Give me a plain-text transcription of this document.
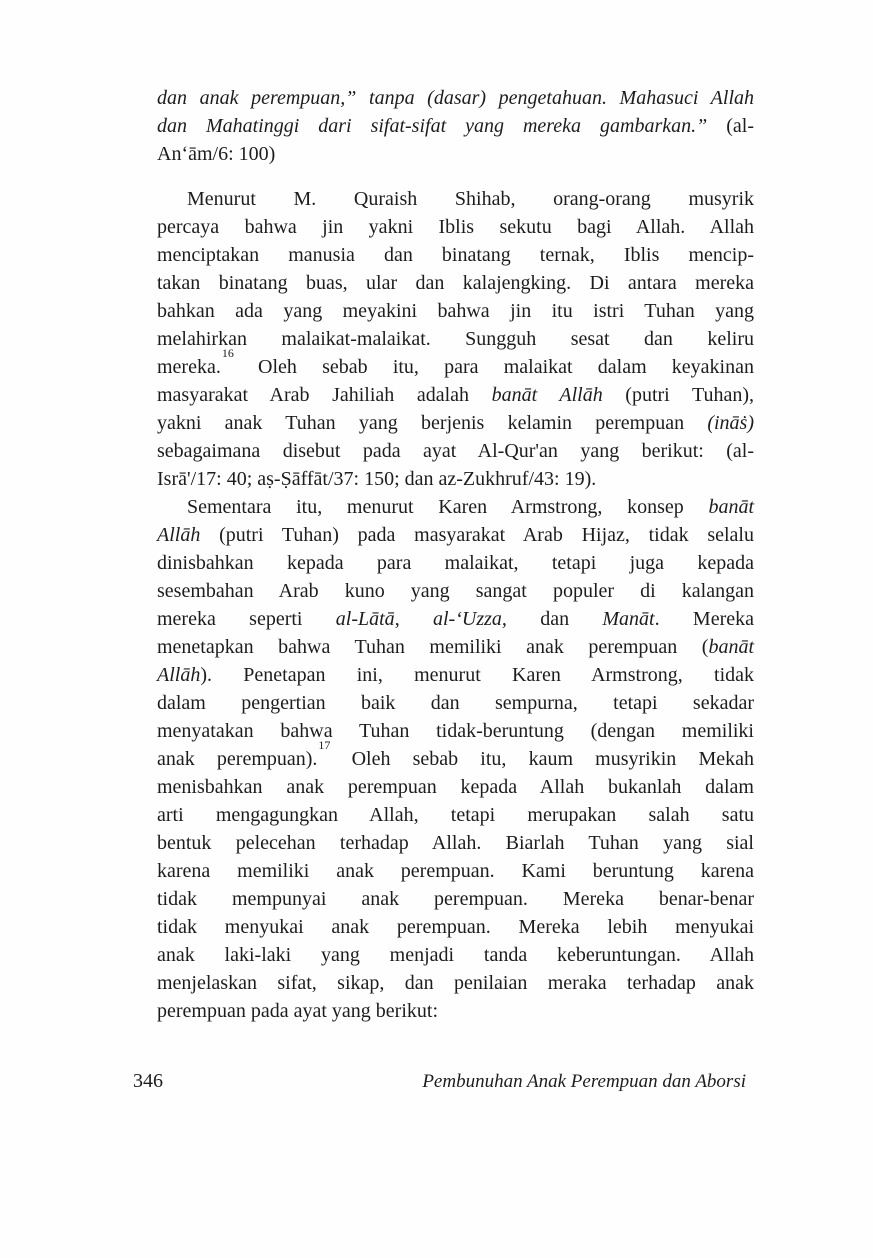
dan anak perempuan,” tanpa (dasar) pengetahuan. Mahasuci Allah
dan Mahatinggi dari sifat-sifat yang mereka gambarkan.” (al-
An‘ām/6: 100)
Menurut M. Quraish Shihab, orang-orang musyrik
percaya bahwa jin yakni Iblis sekutu bagi Allah. Allah
menciptakan manusia dan binatang ternak, Iblis mencip-
takan binatang buas, ular dan kalajengking. Di antara mereka
bahkan ada yang meyakini bahwa jin itu istri Tuhan yang
melahirkan malaikat-malaikat. Sungguh sesat dan keliru
mereka.$^{16}$ Oleh sebab itu, para malaikat dalam keyakinan
masyarakat Arab Jahiliah adalah banāt Allāh (putri Tuhan),
yakni anak Tuhan yang berjenis kelamin perempuan (ināṡ)
sebagaimana disebut pada ayat Al-Qur'an yang berikut: (al-
Isrā'/17: 40; aṣ-Ṣāffāt/37: 150; dan az-Zukhruf/43: 19).
Sementara itu, menurut Karen Armstrong, konsep banāt
Allāh (putri Tuhan) pada masyarakat Arab Hijaz, tidak selalu
dinisbahkan kepada para malaikat, tetapi juga kepada
sesembahan Arab kuno yang sangat populer di kalangan
mereka seperti al-Lātā, al-‘Uzza, dan Manāt. Mereka
menetapkan bahwa Tuhan memiliki anak perempuan (banāt
Allāh). Penetapan ini, menurut Karen Armstrong, tidak
dalam pengertian baik dan sempurna, tetapi sekadar
menyatakan bahwa Tuhan tidak-beruntung (dengan memiliki
anak perempuan).$^{17}$ Oleh sebab itu, kaum musyrikin Mekah
menisbahkan anak perempuan kepada Allah bukanlah dalam
arti mengagungkan Allah, tetapi merupakan salah satu
bentuk pelecehan terhadap Allah. Biarlah Tuhan yang sial
karena memiliki anak perempuan. Kami beruntung karena
tidak mempunyai anak perempuan. Mereka benar-benar
tidak menyukai anak perempuan. Mereka lebih menyukai
anak laki-laki yang menjadi tanda keberuntungan. Allah
menjelaskan sifat, sikap, dan penilaian meraka terhadap anak
perempuan pada ayat yang berikut:
346	Pembunuhan Anak Perempuan dan Aborsi
